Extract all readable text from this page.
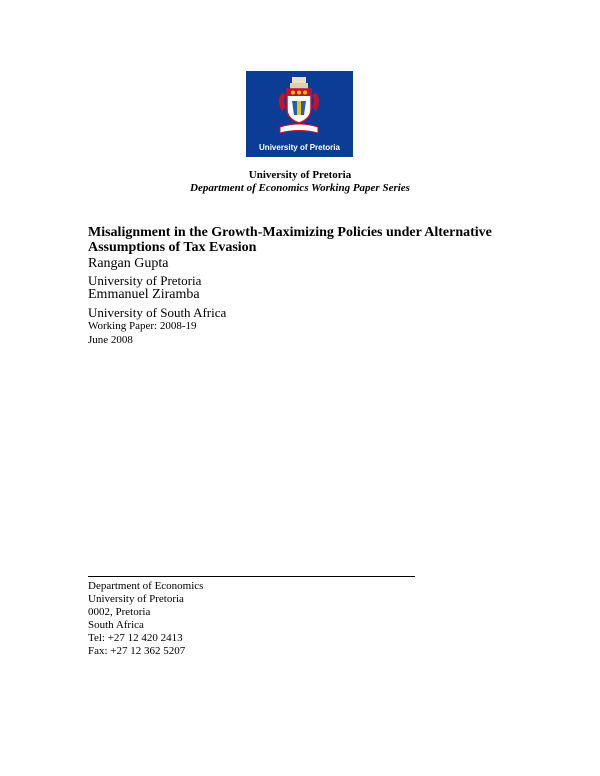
University of Pretoria
University of Pretoria
Department of Economics Working Paper Series
Misalignment in the Growth-Maximizing Policies under Alternative Assumptions of Tax Evasion
Rangan Gupta
University of Pretoria
Emmanuel Ziramba
University of South Africa
Working Paper: 2008-19
June 2008
Department of Economics
University of Pretoria
0002, Pretoria
South Africa
Tel: +27 12 420 2413
Fax: +27 12 362 5207
